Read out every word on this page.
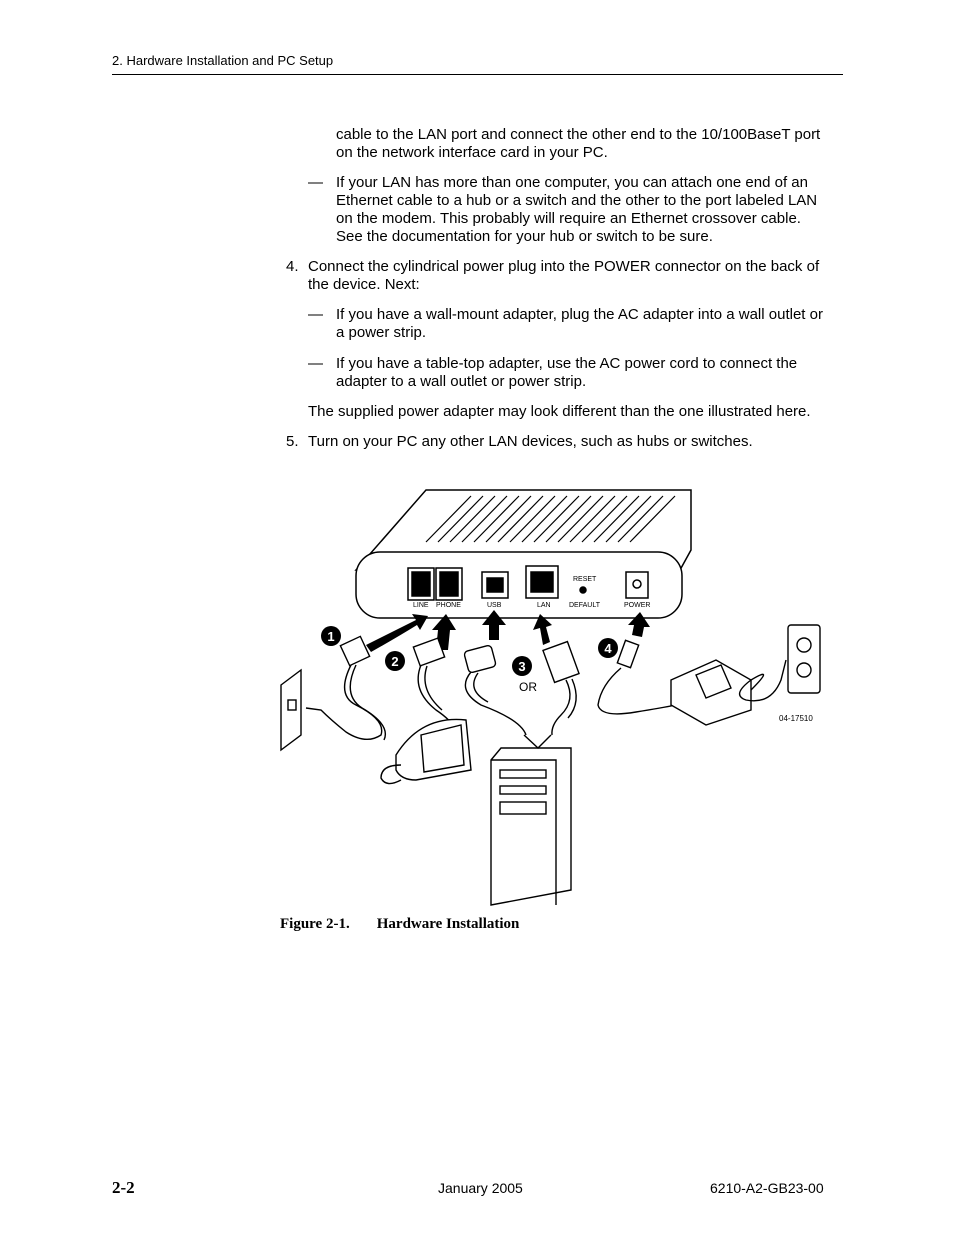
2. Hardware Installation and PC Setup

cable to the LAN port and connect the other end to the 10/100BaseT port

on the network interface card in your PC.

— If your LAN has more than one computer, you can attach one end of an

Ethernet cable to a hub or a switch and the other to the port labeled LAN

on the modem. This probably will require an Ethernet crossover cable.

See the documentation for your hub or switch to be sure.

4. Connect the cylindrical power plug into the POWER connector on the back of

the device. Next:

— If you have a wall-mount adapter, plug the AC adapter into a wall outlet or

a power strip.

— If you have a table-top adapter, use the AC power cord to connect the

adapter to a wall outlet or power strip.

The supplied power adapter may look different than the one illustrated here.

5. Turn on your PC any other LAN devices, such as hubs or switches.

LINE PHONE	USB	LAN
RESET
DEFAULT	POWER
1
2	3
4
OR
04-17510
Figure 2-1. Hardware Installation
2-2	January 2005	6210-A2-GB23-00
